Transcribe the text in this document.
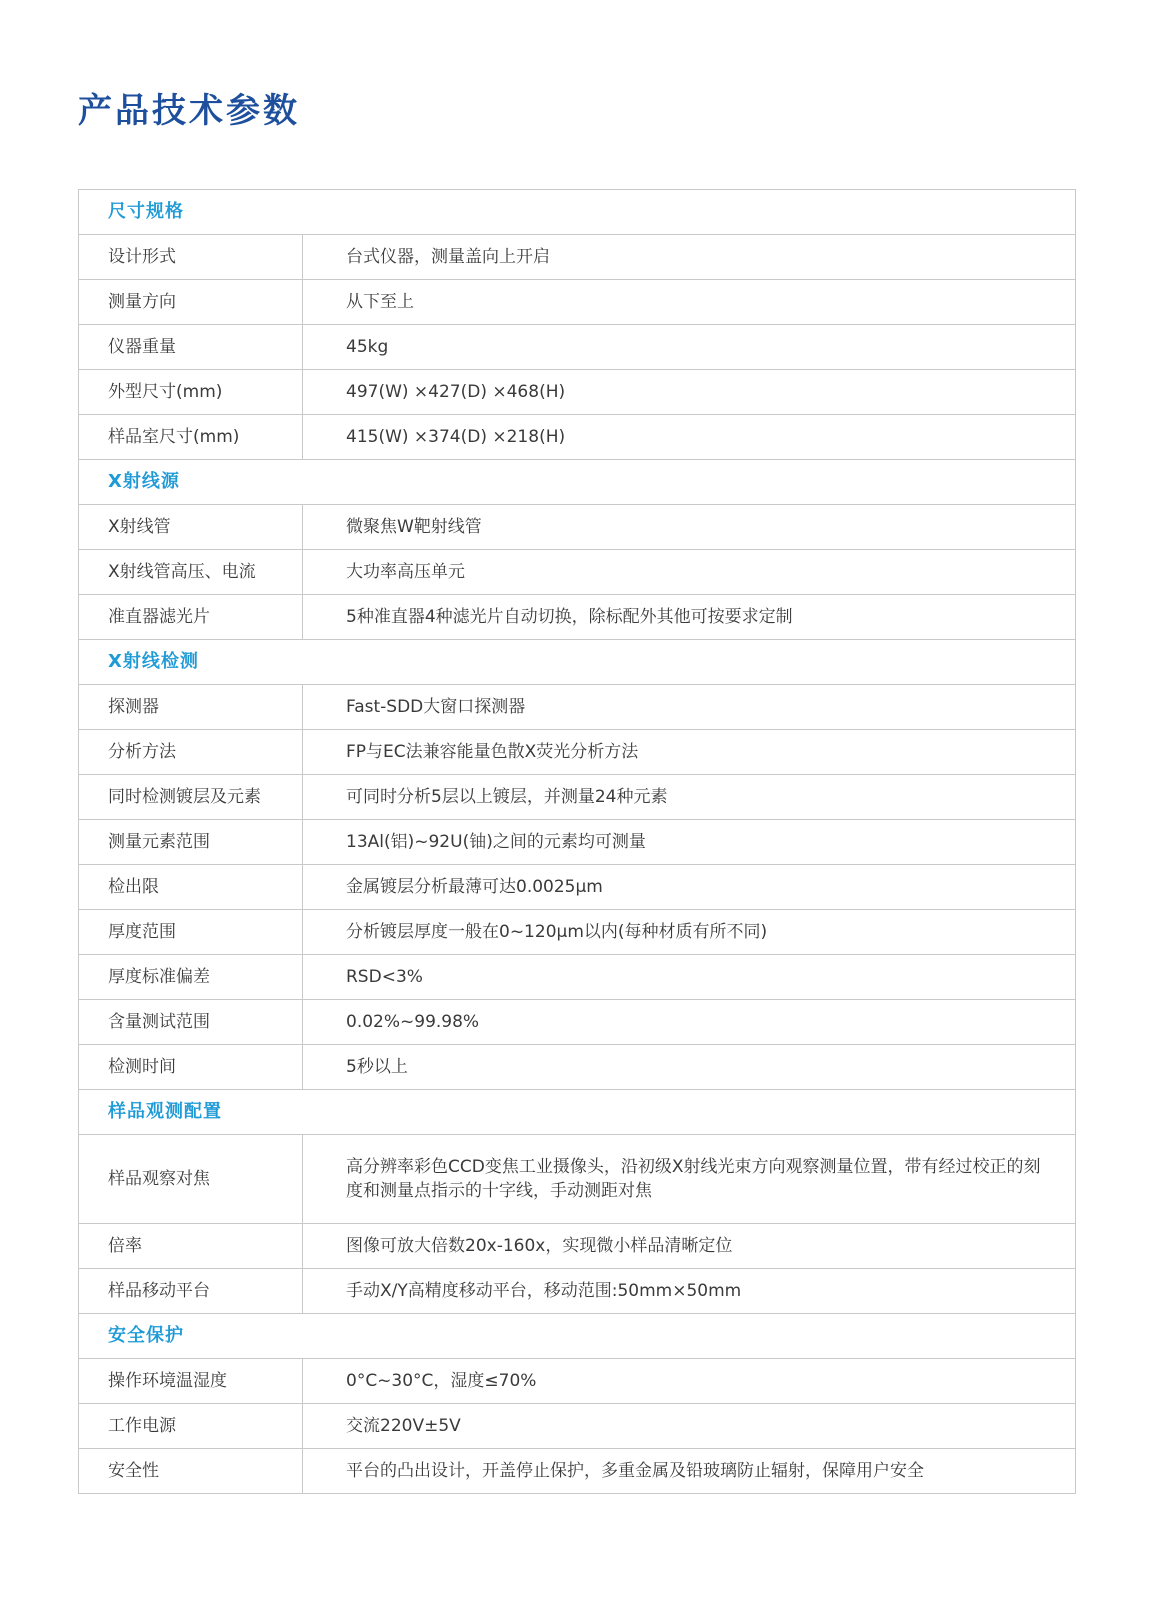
产品技术参数
尺寸规格	
设计形式	台式仪器，测量盖向上开启
测量方向	从下至上
仪器重量	45kg
外型尺寸(mm)	497(W) ×427(D) ×468(H)
样品室尺寸(mm)	415(W) ×374(D) ×218(H)
X射线源	
X射线管	微聚焦W靶射线管
X射线管高压、电流	大功率高压单元
准直器滤光片	5种准直器4种滤光片自动切换，除标配外其他可按要求定制
X射线检测	
探测器	Fast-SDD大窗口探测器
分析方法	FP与EC法兼容能量色散X荧光分析方法
同时检测镀层及元素	可同时分析5层以上镀层，并测量24种元素
测量元素范围	13Al(铝)~92U(铀)之间的元素均可测量
检出限	金属镀层分析最薄可达0.0025μm
厚度范围	分析镀层厚度一般在0~120μm以内(每种材质有所不同)
厚度标准偏差	RSD<3%
含量测试范围	0.02%~99.98%
检测时间	5秒以上
样品观测配置	
样品观察对焦	高分辨率彩色CCD变焦工业摄像头，沿初级X射线光束方向观察测量位置，带有经过校正的刻度和测量点指示的十字线，手动测距对焦
倍率	图像可放大倍数20x-160x，实现微小样品清晰定位
样品移动平台	手动X/Y高精度移动平台，移动范围:50mm×50mm
安全保护	
操作环境温湿度	0°C~30°C，湿度≤70%
工作电源	交流220V±5V
安全性	平台的凸出设计，开盖停止保护，多重金属及铅玻璃防止辐射，保障用户安全
